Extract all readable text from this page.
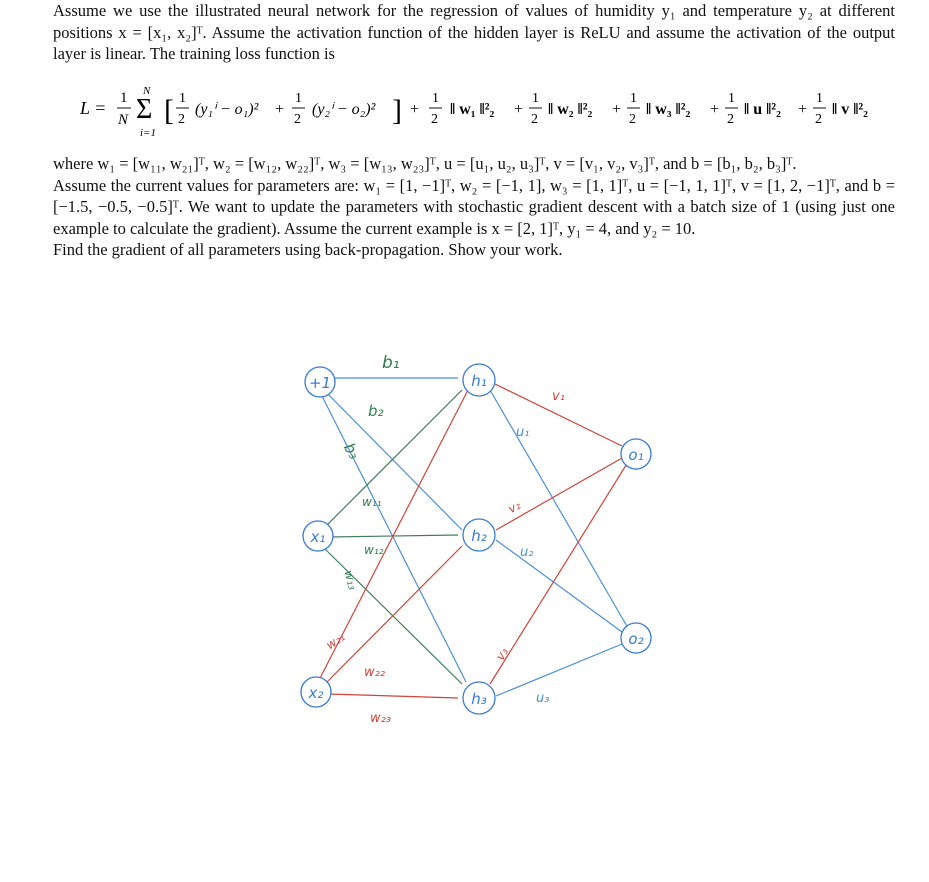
Assume we use the illustrated neural network for the regression of values of humidity y₁ and temperature y₂ at different positions x = [x₁, x₂]ᵀ. Assume the activation function of the hidden layer is ReLU and assume the activation of the output layer is linear. The training loss function is
L = 1
N
N
Σ
i=1
[ 1
2
(y₁ⁱ − o₁)² +
1
2
(y₂ⁱ − o₂)² ] +
1
2
‖ w₁ ‖²₂ +
1
2
‖ w₂ ‖²₂ +
1
2
‖ w₃ ‖²₂ +
1
2
‖ u ‖²₂ +
1
2
‖ v ‖²₂
where w₁ = [w₁₁, w₂₁]ᵀ, w₂ = [w₁₂, w₂₂]ᵀ, w₃ = [w₁₃, w₂₃]ᵀ, u = [u₁, u₂, u₃]ᵀ, v = [v₁, v₂, v₃]ᵀ, and b = [b₁, b₂, b₃]ᵀ.
Assume the current values for parameters are: w₁ = [1, −1]ᵀ, w₂ = [−1, 1], w₃ = [1, 1]ᵀ, u = [−1, 1, 1]ᵀ, v = [1, 2, −1]ᵀ, and b = [−1.5, −0.5, −0.5]ᵀ. We want to update the parameters with stochastic gradient descent with a batch size of 1 (using just one example to calculate the gradient). Assume the current example is x = [2, 1]ᵀ, y₁ = 4, and y₂ = 10.
Find the gradient of all parameters using back-propagation. Show your work.
+1
x₁
x₂
h₁
h₂
h₃
o₁
o₂
b₁
b₂
b₃
w₁₁
w₁₂
w₁₃
w₂₁
w₂₂
w₂₃
v₁
v₂
v₃
u₁
u₂
u₃
